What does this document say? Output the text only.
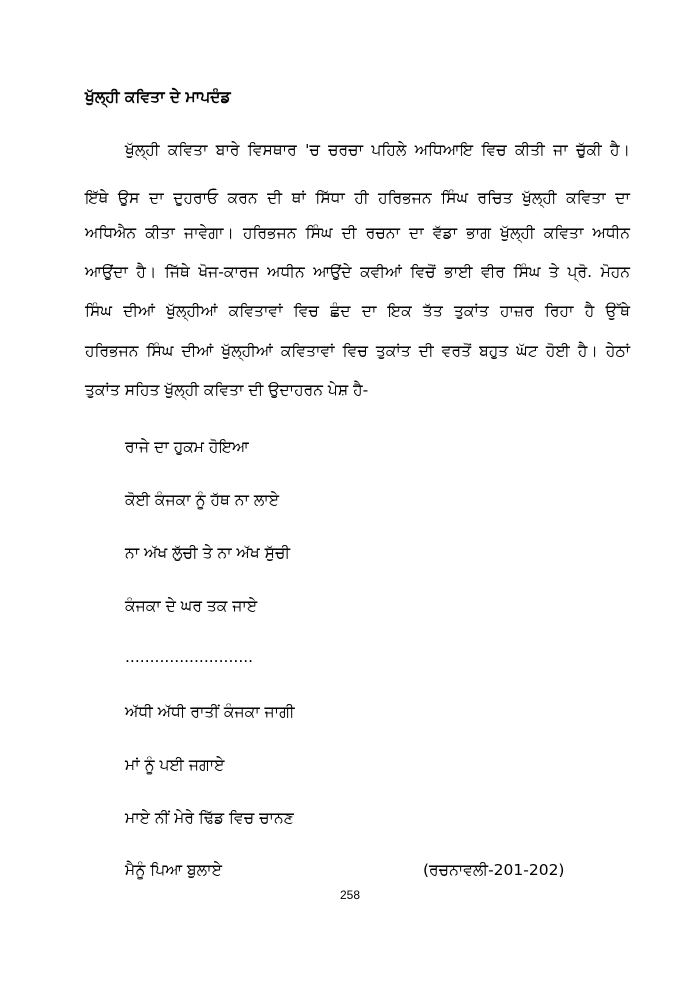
ਖੁੱਲ੍ਹੀ ਕਵਿਤਾ ਦੇ ਮਾਪਦੰਡ
ਖੁੱਲ੍ਹੀ ਕਵਿਤਾ ਬਾਰੇ ਵਿਸਥਾਰ 'ਚ ਚਰਚਾ ਪਹਿਲੇ ਅਧਿਆਇ ਵਿਚ ਕੀਤੀ ਜਾ ਚੁੱਕੀ ਹੈ।
ਇੱਥੇ ਉਸ ਦਾ ਦੁਹਰਾਓ ਕਰਨ ਦੀ ਥਾਂ ਸਿੱਧਾ ਹੀ ਹਰਿਭਜਨ ਸਿੰਘ ਰਚਿਤ ਖੁੱਲ੍ਹੀ ਕਵਿਤਾ ਦਾ
ਅਧਿਐਨ ਕੀਤਾ ਜਾਵੇਗਾ। ਹਰਿਭਜਨ ਸਿੰਘ ਦੀ ਰਚਨਾ ਦਾ ਵੱਡਾ ਭਾਗ ਖੁੱਲ੍ਹੀ ਕਵਿਤਾ ਅਧੀਨ
ਆਉਂਦਾ ਹੈ। ਜਿੱਥੇ ਖੋਜ-ਕਾਰਜ ਅਧੀਨ ਆਉਂਦੇ ਕਵੀਆਂ ਵਿਚੋਂ ਭਾਈ ਵੀਰ ਸਿੰਘ ਤੇ ਪ੍ਰੋ. ਮੋਹਨ
ਸਿੰਘ ਦੀਆਂ ਖੁੱਲ੍ਹੀਆਂ ਕਵਿਤਾਵਾਂ ਵਿਚ ਛੰਦ ਦਾ ਇਕ ਤੱਤ ਤੁਕਾਂਤ ਹਾਜ਼ਰ ਰਿਹਾ ਹੈ ਉੱਥੇ
ਹਰਿਭਜਨ ਸਿੰਘ ਦੀਆਂ ਖੁੱਲ੍ਹੀਆਂ ਕਵਿਤਾਵਾਂ ਵਿਚ ਤੁਕਾਂਤ ਦੀ ਵਰਤੋਂ ਬਹੁਤ ਘੱਟ ਹੋਈ ਹੈ। ਹੇਠਾਂ
ਤੁਕਾਂਤ ਸਹਿਤ ਖੁੱਲ੍ਹੀ ਕਵਿਤਾ ਦੀ ਉਦਾਹਰਨ ਪੇਸ਼ ਹੈ-
ਰਾਜੇ ਦਾ ਹੁਕਮ ਹੋਇਆ
ਕੋਈ ਕੰਜਕਾ ਨੂੰ ਹੱਥ ਨਾ ਲਾਏ
ਨਾ ਅੱਖ ਲੁੱਚੀ ਤੇ ਨਾ ਅੱਖ ਸੁੱਚੀ
ਕੰਜਕਾ ਦੇ ਘਰ ਤਕ ਜਾਏ
..........................
ਅੱਧੀ ਅੱਧੀ ਰਾਤੀਂ ਕੰਜਕਾ ਜਾਗੀ
ਮਾਂ ਨੂੰ ਪਈ ਜਗਾਏ
ਮਾਏ ਨੀਂ ਮੇਰੇ ਢਿੱਡ ਵਿਚ ਚਾਨਣ
ਮੈਨੂੰ ਪਿਆ ਬੁਲਾਏ	(ਰਚਨਾਵਲੀ-201-202)
258
